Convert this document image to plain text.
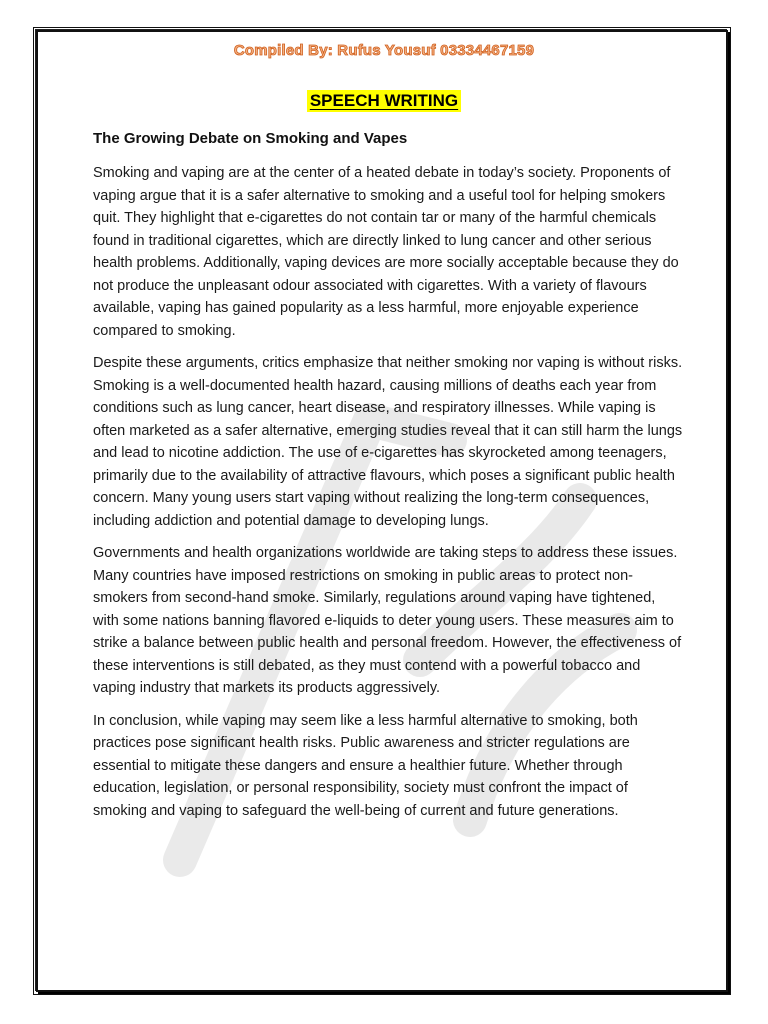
Compiled By: Rufus Yousuf 03334467159
SPEECH WRITING
The Growing Debate on Smoking and Vapes

Smoking and vaping are at the center of a heated debate in today’s society. Proponents of vaping argue that it is a safer alternative to smoking and a useful tool for helping smokers quit. They highlight that e-cigarettes do not contain tar or many of the harmful chemicals found in traditional cigarettes, which are directly linked to lung cancer and other serious health problems. Additionally, vaping devices are more socially acceptable because they do not produce the unpleasant odour associated with cigarettes. With a variety of flavours available, vaping has gained popularity as a less harmful, more enjoyable experience compared to smoking.

Despite these arguments, critics emphasize that neither smoking nor vaping is without risks. Smoking is a well-documented health hazard, causing millions of deaths each year from conditions such as lung cancer, heart disease, and respiratory illnesses. While vaping is often marketed as a safer alternative, emerging studies reveal that it can still harm the lungs and lead to nicotine addiction. The use of e-cigarettes has skyrocketed among teenagers, primarily due to the availability of attractive flavours, which poses a significant public health concern. Many young users start vaping without realizing the long-term consequences, including addiction and potential damage to developing lungs.

Governments and health organizations worldwide are taking steps to address these issues. Many countries have imposed restrictions on smoking in public areas to protect non-smokers from second-hand smoke. Similarly, regulations around vaping have tightened, with some nations banning flavored e-liquids to deter young users. These measures aim to strike a balance between public health and personal freedom. However, the effectiveness of these interventions is still debated, as they must contend with a powerful tobacco and vaping industry that markets its products aggressively.

In conclusion, while vaping may seem like a less harmful alternative to smoking, both practices pose significant health risks. Public awareness and stricter regulations are essential to mitigate these dangers and ensure a healthier future. Whether through education, legislation, or personal responsibility, society must confront the impact of smoking and vaping to safeguard the well-being of current and future generations.
